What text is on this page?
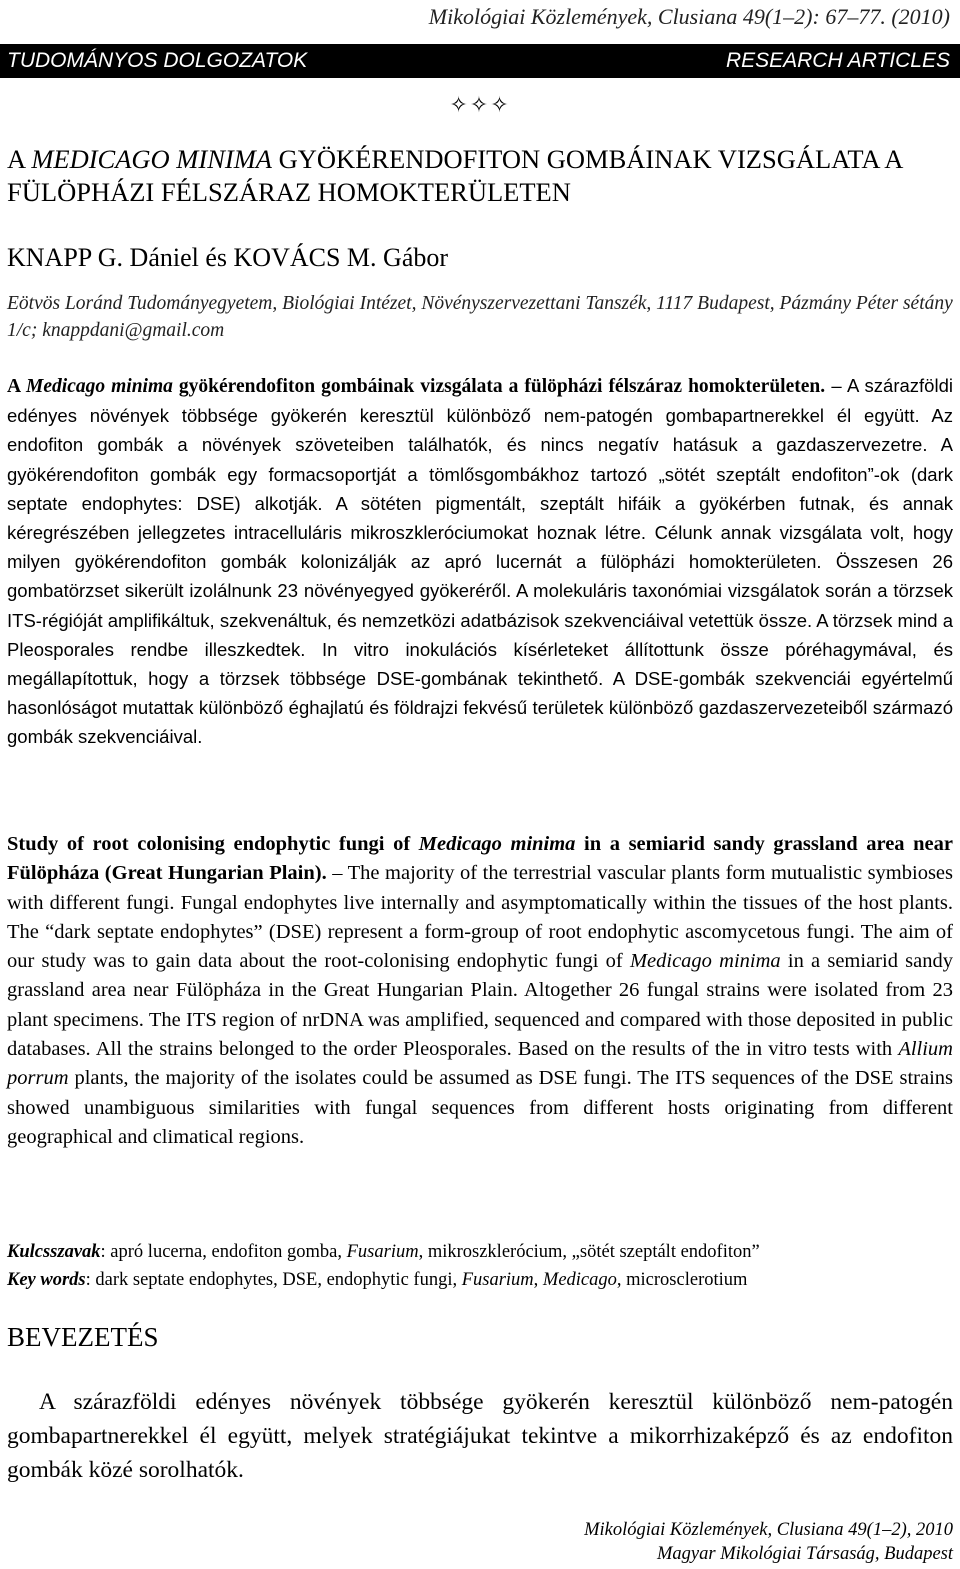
Mikológiai Közlemények, Clusiana 49(1–2): 67–77. (2010)
TUDOMÁNYOS DOLGOZATOK	RESEARCH ARTICLES
✧✧✧
A MEDICAGO MINIMA GYÖKÉRENDOFITON GOMBÁINAK VIZSGÁLATA A FÜLÖPHÁZI FÉLSZÁRAZ HOMOKTERÜLETEN
KNAPP G. Dániel és KOVÁCS M. Gábor
Eötvös Loránd Tudományegyetem, Biológiai Intézet, Növényszervezettani Tanszék, 1117 Budapest, Pázmány Péter sétány 1/c; knappdani@gmail.com

A Medicago minima gyökérendofiton gombáinak vizsgálata a fülöpházi félszáraz homokterületen. – A szárazföldi edényes növények többsége gyökerén keresztül különböző nem-patogén gombapartnerekkel él együtt. Az endofiton gombák a növények szöveteiben találhatók, és nincs negatív hatásuk a gazdaszervezetre. A gyökérendofiton gombák egy formacsoportját a tömlősgombákhoz tartozó „sötét szeptált endofiton”-ok (dark septate endophytes: DSE) alkotják. A sötéten pigmentált, szeptált hifáik a gyökérben futnak, és annak kéregrészében jellegzetes intracelluláris mikroszkleróciumokat hoznak létre. Célunk annak vizsgálata volt, hogy milyen gyökérendofiton gombák kolonizálják az apró lucernát a fülöpházi homokterületen. Összesen 26 gombatörzset sikerült izolálnunk 23 növényegyed gyökeréről. A molekuláris taxonómiai vizsgálatok során a törzsek ITS-régióját amplifikáltuk, szekvenáltuk, és nemzetközi adatbázisok szekvenciáival vetettük össze. A törzsek mind a Pleosporales rendbe illeszkedtek. In vitro inokulációs kísérleteket állítottunk össze póréhagymával, és megállapítottuk, hogy a törzsek többsége DSE-gombának tekinthető. A DSE-gombák szekvenciái egyértelmű hasonlóságot mutattak különböző éghajlatú és földrajzi fekvésű területek különböző gazdaszervezeteiből származó gombák szekvenciáival.

Study of root colonising endophytic fungi of Medicago minima in a semiarid sandy grassland area near Fülöpháza (Great Hungarian Plain). – The majority of the terrestrial vascular plants form mutualistic symbioses with different fungi. Fungal endophytes live internally and asymptomatically within the tissues of the host plants. The “dark septate endophytes” (DSE) represent a form-group of root endophytic ascomycetous fungi. The aim of our study was to gain data about the root-colonising endophytic fungi of Medicago minima in a semiarid sandy grassland area near Fülöpháza in the Great Hungarian Plain. Altogether 26 fungal strains were isolated from 23 plant specimens. The ITS region of nrDNA was amplified, sequenced and compared with those deposited in public databases. All the strains belonged to the order Pleosporales. Based on the results of the in vitro tests with Allium porrum plants, the majority of the isolates could be assumed as DSE fungi. The ITS sequences of the DSE strains showed unambiguous similarities with fungal sequences from different hosts originating from different geographical and climatical regions.

Kulcsszavak: apró lucerna, endofiton gomba, Fusarium, mikroszklerócium, „sötét szeptált endofiton”
Key words: dark septate endophytes, DSE, endophytic fungi, Fusarium, Medicago, microsclerotium
BEVEZETÉS

A szárazföldi edényes növények többsége gyökerén keresztül különböző nem-patogén gombapartnerekkel él együtt, melyek stratégiájukat tekintve a mikorrhizaképző és az endofiton gombák közé sorolhatók.

Mikológiai Közlemények, Clusiana 49(1–2), 2010
Magyar Mikológiai Társaság, Budapest
